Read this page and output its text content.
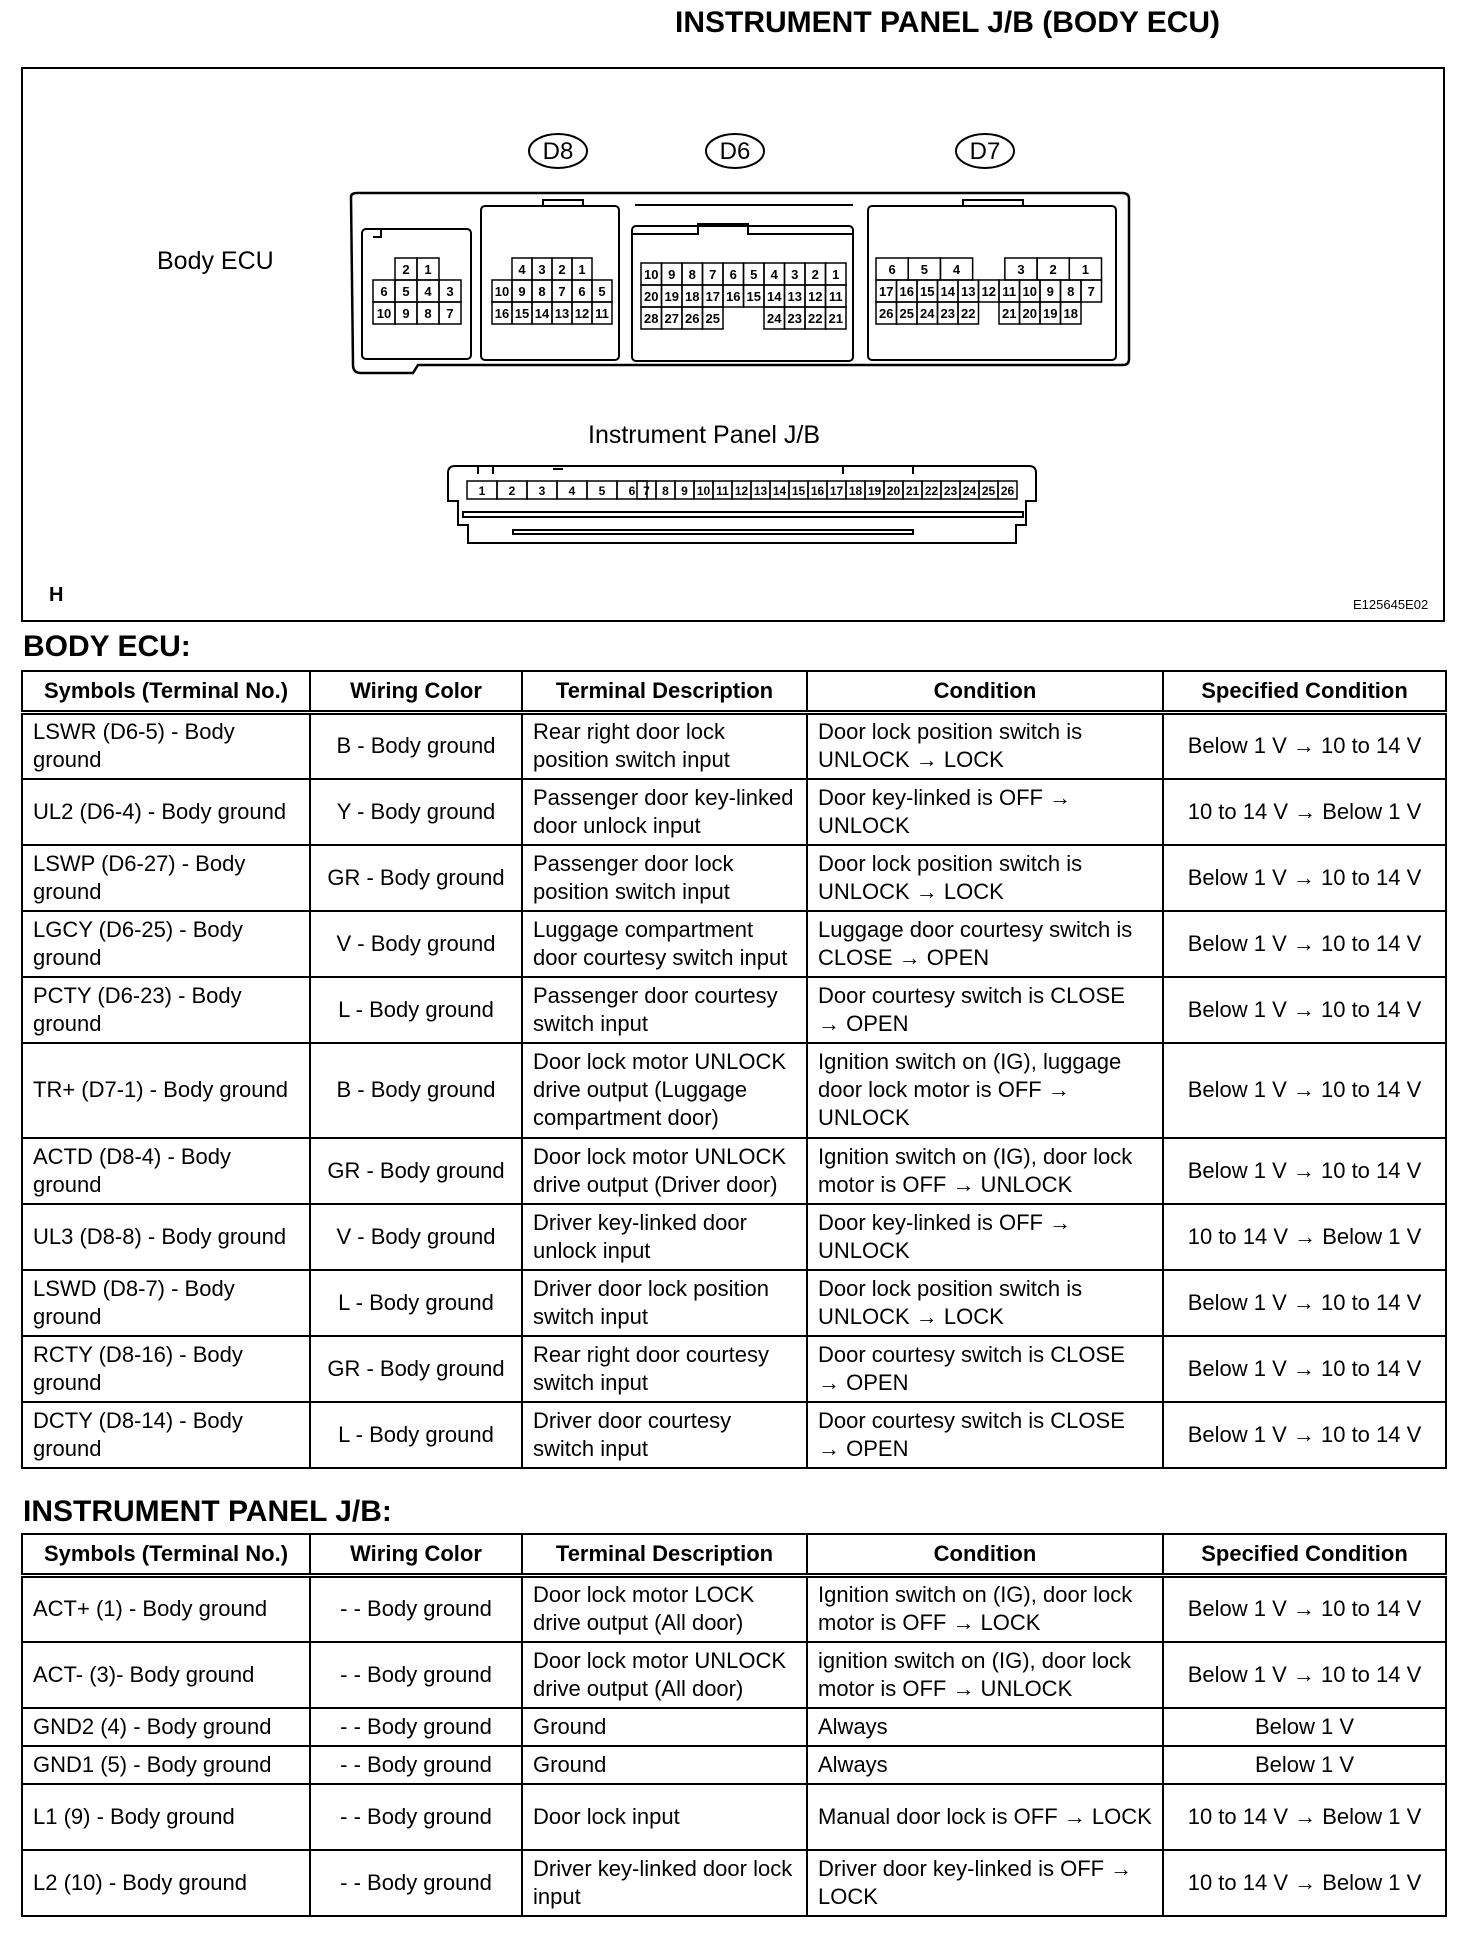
INSTRUMENT PANEL J/B (BODY ECU)
D8	D6	D7
2 1
6 5 4 3
10 9 8 7
4 3 2 1
10 9 8 7 6 5
16 15 14 13 12 11
10 9 8 7 6 5 4 3 2 1
20 19 18 17 16 15 14 13 12 11
28 27 26 25	24 23 22 21
6 5 4	3 2 1
17 16 15 14 13 12 11 10 9 8 7
26 25 24 23 22 21 20 19 18
1 2 3 4 5 6 7 8 9 10 11 12 13 14 15 16 17 18 19 20 21 22 23 24 25 26
Body ECU
Instrument Panel J/B
H	E125645E02
BODY ECU:
Symbols (Terminal No.)	Wiring Color	Terminal Description	Condition	Specified Condition
LSWR (D6-5) - Body ground	B - Body ground	Rear right door lock position switch input	Door lock position switch is UNLOCK → LOCK	Below 1 V → 10 to 14 V
UL2 (D6-4) - Body ground	Y - Body ground	Passenger door key-linked door unlock input	Door key-linked is OFF → UNLOCK	10 to 14 V → Below 1 V
LSWP (D6-27) - Body ground	GR - Body ground	Passenger door lock position switch input	Door lock position switch is UNLOCK → LOCK	Below 1 V → 10 to 14 V
LGCY (D6-25) - Body ground	V - Body ground	Luggage compartment door courtesy switch input	Luggage door courtesy switch is CLOSE → OPEN	Below 1 V → 10 to 14 V
PCTY (D6-23) - Body ground	L - Body ground	Passenger door courtesy switch input	Door courtesy switch is CLOSE → OPEN	Below 1 V → 10 to 14 V
TR+ (D7-1) - Body ground	B - Body ground	Door lock motor UNLOCK drive output (Luggage compartment door)	Ignition switch on (IG), luggage door lock motor is OFF → UNLOCK	Below 1 V → 10 to 14 V
ACTD (D8-4) - Body ground	GR - Body ground	Door lock motor UNLOCK drive output (Driver door)	Ignition switch on (IG), door lock motor is OFF → UNLOCK	Below 1 V → 10 to 14 V
UL3 (D8-8) - Body ground	V - Body ground	Driver key-linked door unlock input	Door key-linked is OFF → UNLOCK	10 to 14 V → Below 1 V
LSWD (D8-7) - Body ground	L - Body ground	Driver door lock position switch input	Door lock position switch is UNLOCK → LOCK	Below 1 V → 10 to 14 V
RCTY (D8-16) - Body ground	GR - Body ground	Rear right door courtesy switch input	Door courtesy switch is CLOSE → OPEN	Below 1 V → 10 to 14 V
DCTY (D8-14) - Body ground	L - Body ground	Driver door courtesy switch input	Door courtesy switch is CLOSE → OPEN	Below 1 V → 10 to 14 V
INSTRUMENT PANEL J/B:
Symbols (Terminal No.)	Wiring Color	Terminal Description	Condition	Specified Condition
ACT+ (1) - Body ground	- - Body ground	Door lock motor LOCK drive output (All door)	Ignition switch on (IG), door lock motor is OFF → LOCK	Below 1 V → 10 to 14 V
ACT- (3)- Body ground	- - Body ground	Door lock motor UNLOCK drive output (All door)	ignition switch on (IG), door lock motor is OFF → UNLOCK	Below 1 V → 10 to 14 V
GND2 (4) - Body ground	- - Body ground	Ground	Always	Below 1 V
GND1 (5) - Body ground	- - Body ground	Ground	Always	Below 1 V
L1 (9) - Body ground	- - Body ground	Door lock input	Manual door lock is OFF → LOCK	10 to 14 V → Below 1 V
L2 (10) - Body ground	- - Body ground	Driver key-linked door lock input	Driver door key-linked is OFF → LOCK	10 to 14 V → Below 1 V
